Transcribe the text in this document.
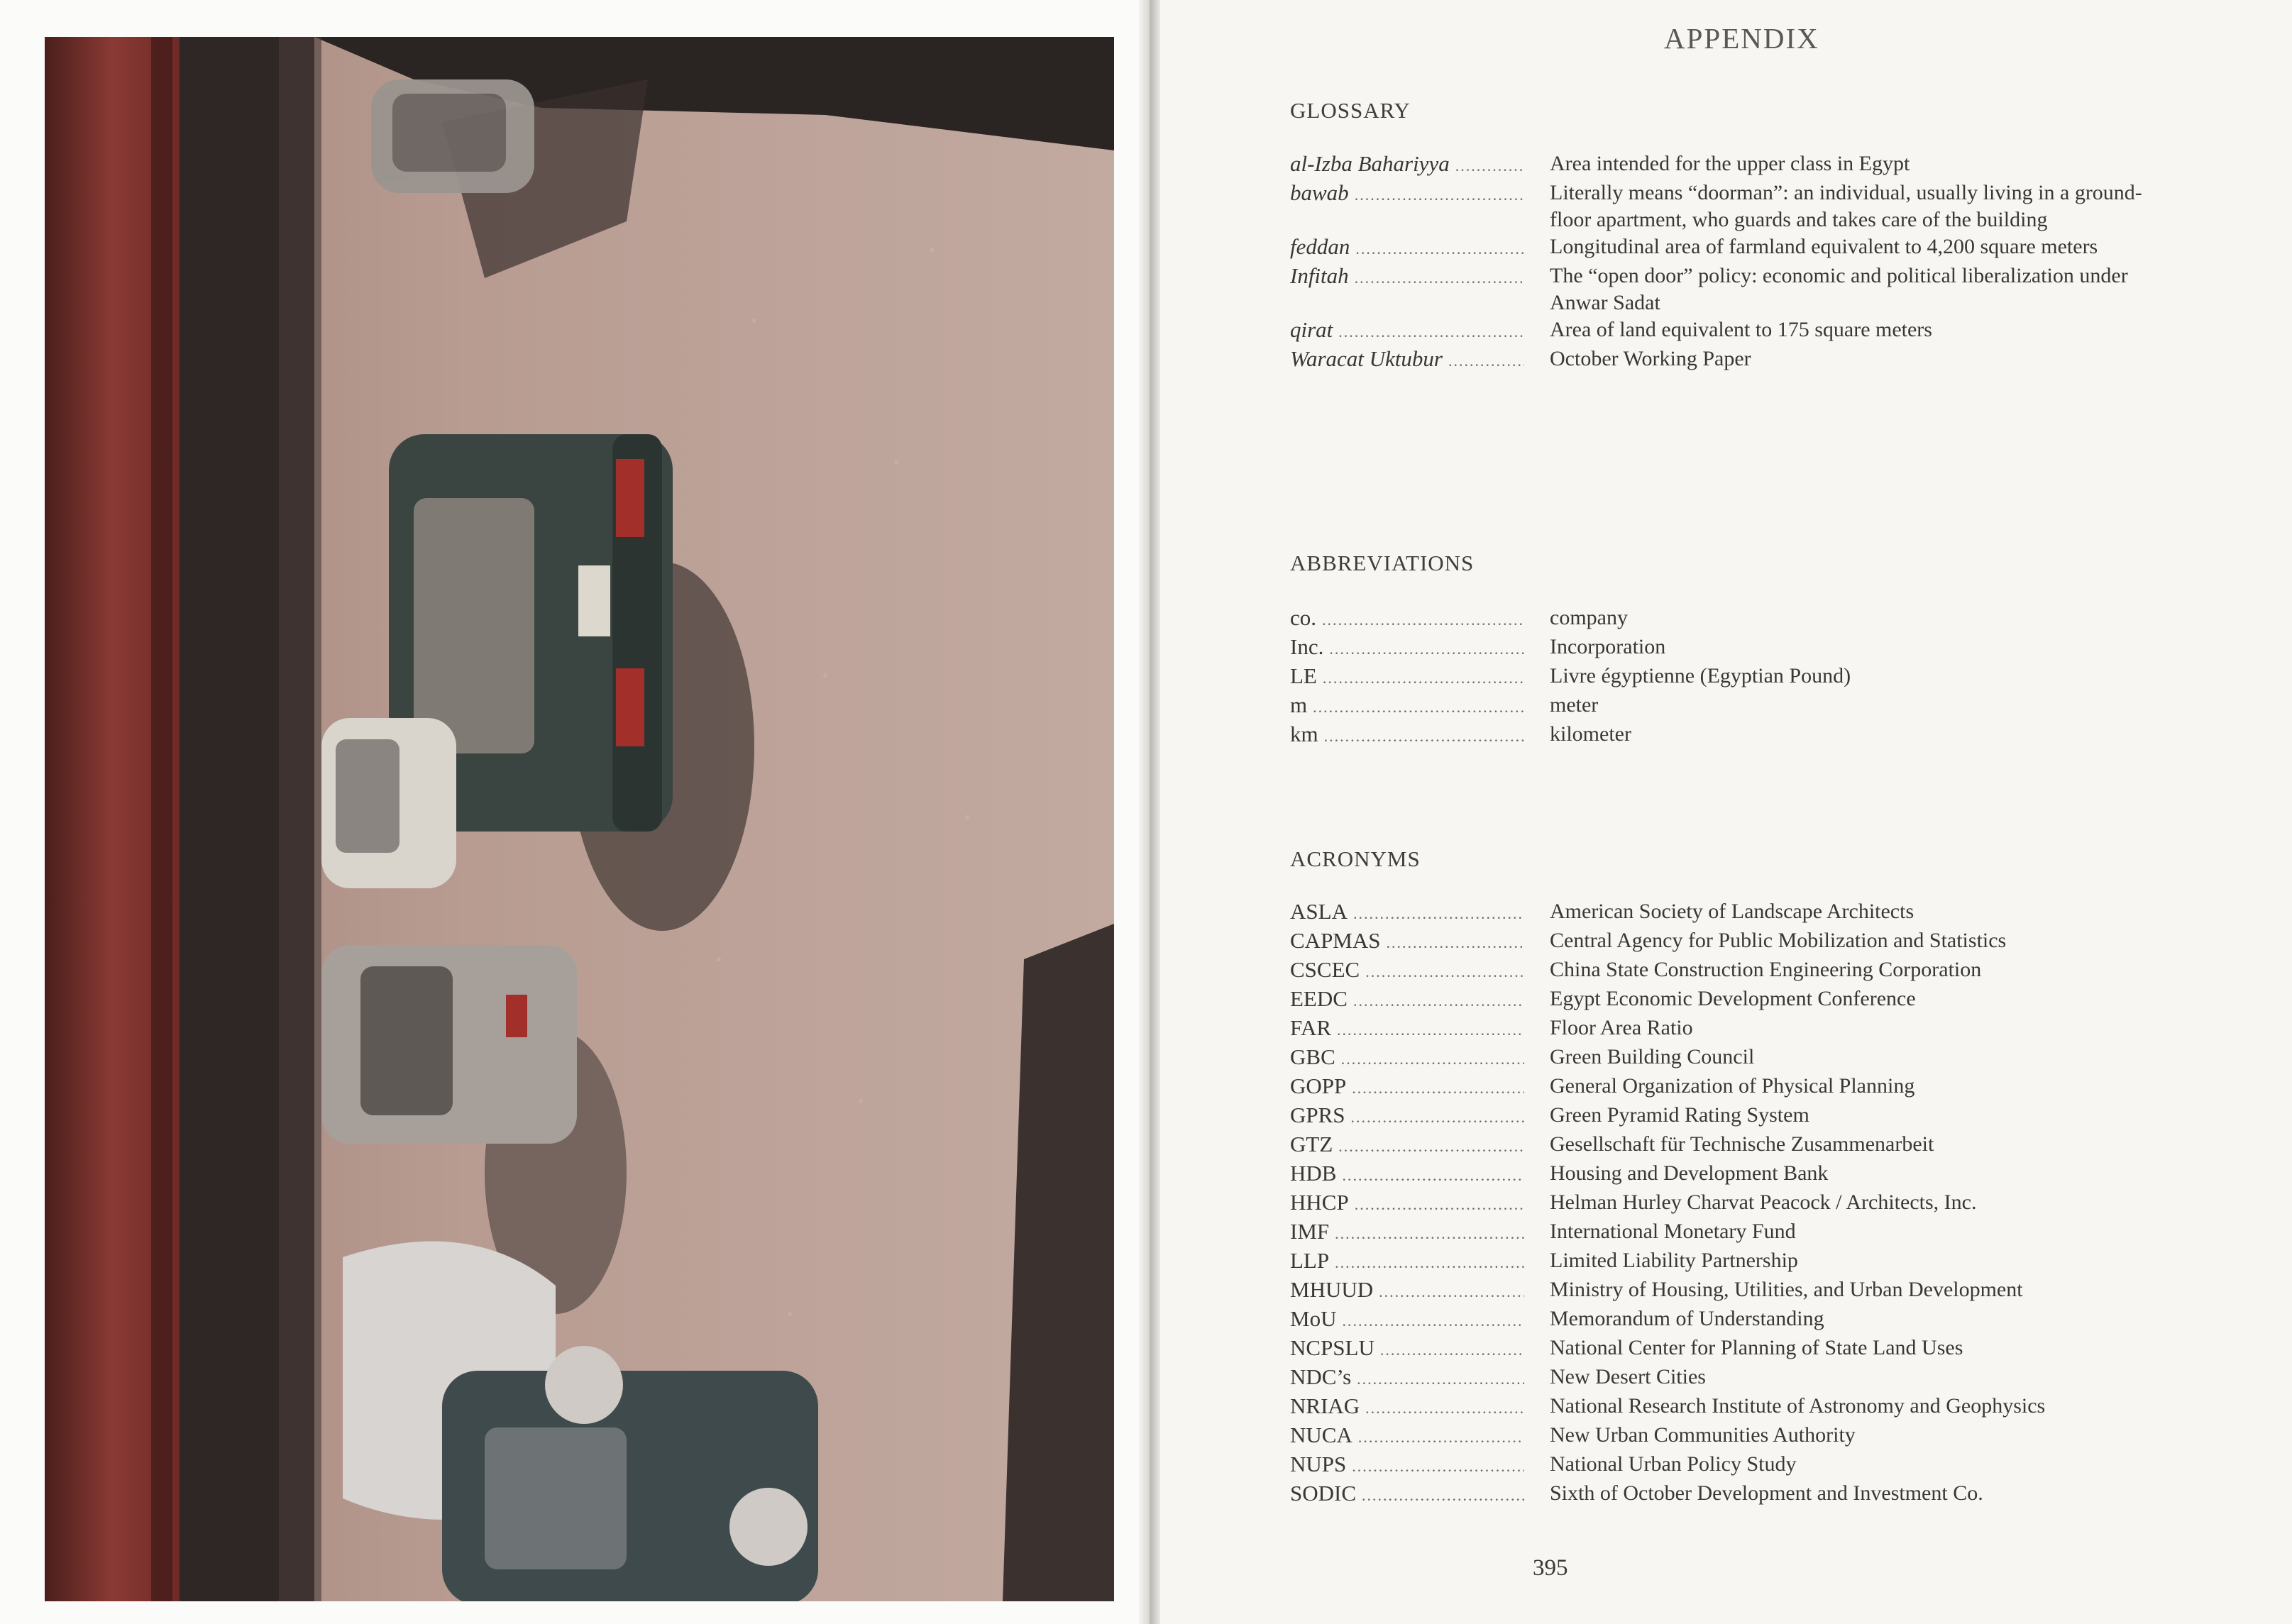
APPENDIX
GLOSSARY
al-Izba Bahariyya .....	Area intended for the upper class in Egypt
bawab .....	Literally means “doorman”: an individual, usually living in a ground-floor apartment, who guards and takes care of the building
feddan .....	Longitudinal area of farmland equivalent to 4,200 square meters
Infitah .....	The “open door” policy: economic and political liberalization under Anwar Sadat
qirat .....	Area of land equivalent to 175 square meters
Waracat Uktubur .....	October Working Paper
ABBREVIATIONS
co. .....	company
Inc. .....	Incorporation
LE .....	Livre égyptienne (Egyptian Pound)
m .....	meter
km .....	kilometer
ACRONYMS
ASLA .....	American Society of Landscape Architects
CAPMAS .....	Central Agency for Public Mobilization and Statistics
CSCEC .....	China State Construction Engineering Corporation
EEDC .....	Egypt Economic Development Conference
FAR .....	Floor Area Ratio
GBC .....	Green Building Council
GOPP .....	General Organization of Physical Planning
GPRS .....	Green Pyramid Rating System
GTZ .....	Gesellschaft für Technische Zusammenarbeit
HDB .....	Housing and Development Bank
HHCP .....	Helman Hurley Charvat Peacock / Architects, Inc.
IMF .....	International Monetary Fund
LLP .....	Limited Liability Partnership
MHUUD .....	Ministry of Housing, Utilities, and Urban Development
MoU .....	Memorandum of Understanding
NCPSLU .....	National Center for Planning of State Land Uses
NDC’s .....	New Desert Cities
NRIAG .....	National Research Institute of Astronomy and Geophysics
NUCA .....	New Urban Communities Authority
NUPS .....	National Urban Policy Study
SODIC .....	Sixth of October Development and Investment Co.
395
